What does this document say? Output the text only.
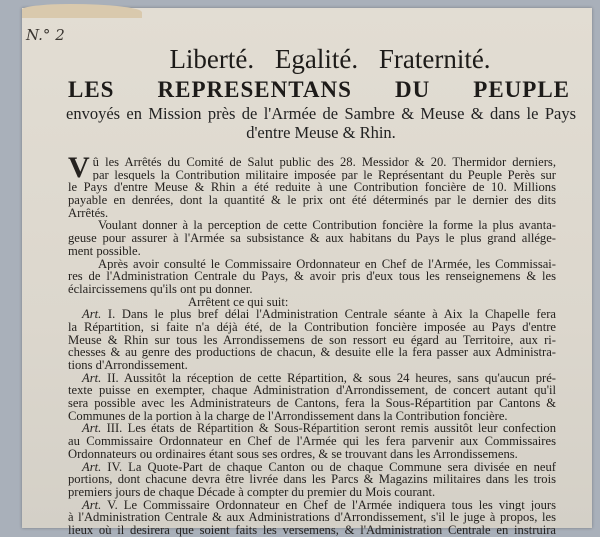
N.° 2
Liberté. Egalité. Fraternité.
LES REPRESENTANS DU PEUPLE
envoyés en Mission près de l'Armée de Sambre & Meuse & dans le Pays
d'entre Meuse & Rhin.
V û les Arrêtés du Comité de Salut public des 28. Messidor & 20. Thermidor derniers,
par lesquels la Contribution militaire imposée par le Représentant du Peuple Perès sur
le Pays d'entre Meuse & Rhin a été reduite à une Contribution foncière de 10. Millions
payable en denrées, dont la quantité & le prix ont été déterminés par le dernier des dits
Arrêtés.
Voulant donner à la perception de cette Contribution foncière la forme la plus avanta-
geuse pour assurer à l'Armée sa subsistance & aux habitans du Pays le plus grand allége-
ment possible.
Après avoir consulté le Commissaire Ordonnateur en Chef de l'Armée, les Commissai-
res de l'Administration Centrale du Pays, & avoir pris d'eux tous les renseignemens & les
éclaircissemens qu'ils ont pu donner.
Arrêtent ce qui suit:
Art. I. Dans le plus bref délai l'Administration Centrale séante à Aix la Chapelle fera
la Répartition, si faite n'a déjà été, de la Contribution foncière imposée au Pays d'entre
Meuse & Rhin sur tous les Arrondissemens de son ressort eu égard au Territoire, aux ri-
chesses & au genre des productions de chacun, & desuite elle la fera passer aux Administra-
tions d'Arrondissement.
Art. II. Aussitôt la réception de cette Répartition, & sous 24 heures, sans qu'aucun pré-
texte puisse en exempter, chaque Administration d'Arrondissement, de concert autant qu'il
sera possible avec les Administrateurs de Cantons, fera la Sous-Répartition par Cantons &
Communes de la portion à la charge de l'Arrondissement dans la Contribution foncière.
Art. III. Les états de Répartition & Sous-Répartition seront remis aussitôt leur confection
au Commissaire Ordonnateur en Chef de l'Armée qui les fera parvenir aux Commissaires
Ordonnateurs ou ordinaires étant sous ses ordres, & se trouvant dans les Arrondissemens.
Art. IV. La Quote-Part de chaque Canton ou de chaque Commune sera divisée en neuf
portions, dont chacune devra être livrée dans les Parcs & Magazins militaires dans les trois
premiers jours de chaque Décade à compter du premier du Mois courant.
Art. V. Le Commissaire Ordonnateur en Chef de l'Armée indiquera tous les vingt jours
à l'Administration Centrale & aux Administrations d'Arrondissement, s'il le juge à propos, les
lieux où il desirera que soient faits les versemens, & l'Administration Centrale en instruira
